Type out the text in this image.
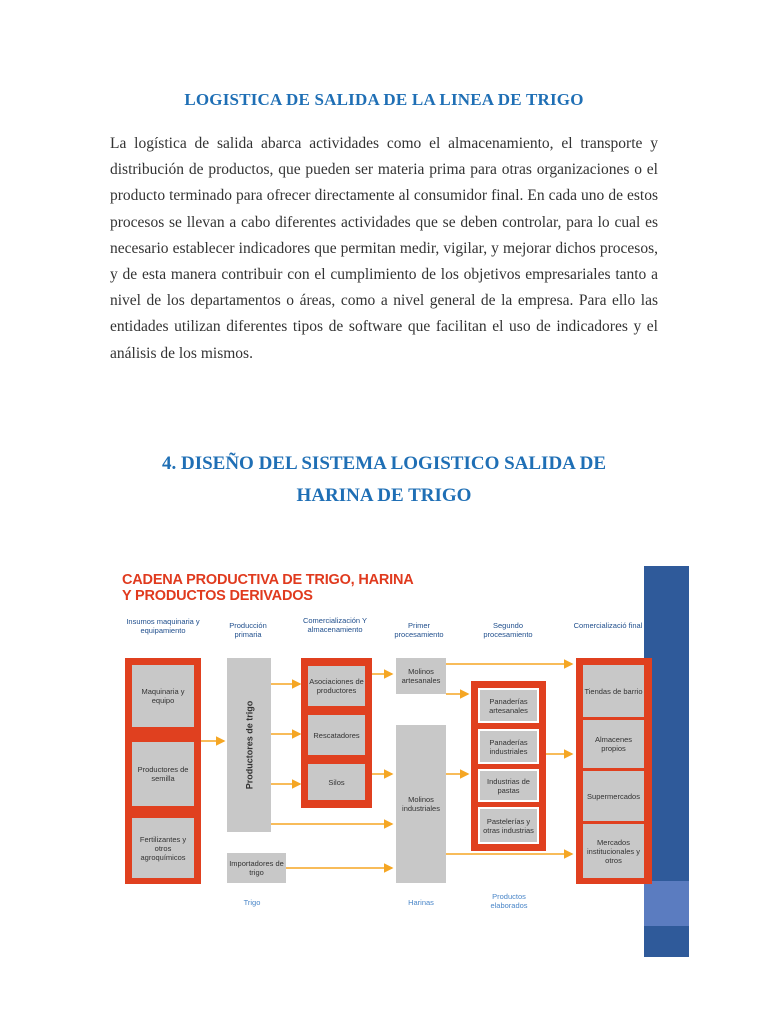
LOGISTICA DE SALIDA DE LA LINEA DE TRIGO
La logística de salida abarca actividades como el almacenamiento, el transporte y distribución de productos, que pueden ser materia prima para otras organizaciones o el producto terminado para ofrecer directamente al consumidor final. En cada uno de estos procesos se llevan a cabo diferentes actividades que se deben controlar, para lo cual es necesario establecer indicadores que permitan medir, vigilar, y mejorar dichos procesos, y de esta manera contribuir con el cumplimiento de los objetivos empresariales tanto a nivel de los departamentos o áreas, como a nivel general de la empresa. Para ello las entidades utilizan diferentes tipos de software que facilitan el uso de indicadores y el análisis de los mismos.
4. DISEÑO DEL SISTEMA LOGISTICO SALIDA DE
HARINA DE TRIGO
CADENA PRODUCTIVA DE TRIGO, HARINA
Y PRODUCTOS DERIVADOS
Insumos maquinaria y equipamiento
Producción primaria
Comercialización Y almacenamiento	Primer procesamiento
Segundo procesamiento
Comercializació final
Maquinaria y equipo
Productores de semilla
Fertilizantes y otros agroquímicos
Productores de trigo
Importadores de trigo
Asociaciones de productores
Rescatadores
Silos
Molinos artesanales
Molinos industriales
Panaderías artesanales
Panaderías industriales
Industrias de pastas
Pastelerías y otras industrias
Tiendas de barrio
Almacenes propios
Supermercados
Mercados institucionales y otros
Trigo	Harinas
Productos elaborados
